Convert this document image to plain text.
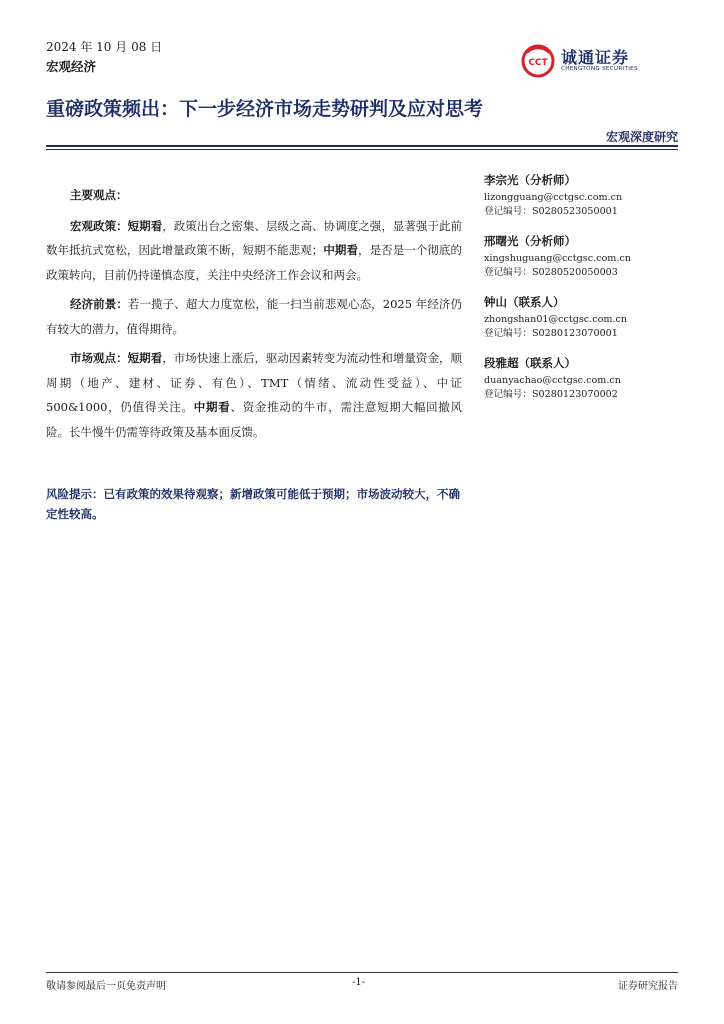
2024 年 10 月 08 日
宏观经济	CCT 诚通证券
CHENGTONG SECURITIES
重磅政策频出：下一步经济市场走势研判及应对思考
宏观深度研究

主要观点：

宏观政策：短期看，政策出台之密集、层级之高、协调度之强，显著强于此前数年抵抗式宽松，因此增量政策不断，短期不能悲观；中期看，是否是一个彻底的政策转向，目前仍持谨慎态度，关注中央经济工作会议和两会。

经济前景：若一揽子、超大力度宽松，能一扫当前悲观心态，2025 年经济仍有较大的潜力，值得期待。

市场观点：短期看，市场快速上涨后，驱动因素转变为流动性和增量资金，顺周期（地产、建材、证券、有色）、TMT（情绪、流动性受益）、中证 500&1000，仍值得关注。中期看、资金推动的牛市，需注意短期大幅回撤风险。长牛慢牛仍需等待政策及基本面反馈。

风险提示：已有政策的效果待观察；新增政策可能低于预期；市场波动较大，不确定性较高。
李宗光（分析师）
lizongguang@cctgsc.com.cn
登记编号：S0280523050001
邢曙光（分析师）
xingshuguang@cctgsc.com.cn
登记编号：S0280520050003
钟山（联系人）
zhongshan01@cctgsc.com.cn
登记编号：S0280123070001
段雅超（联系人）
duanyachao@cctgsc.com.cn
登记编号：S0280123070002
敬请参阅最后一页免责声明	-1-	证券研究报告
